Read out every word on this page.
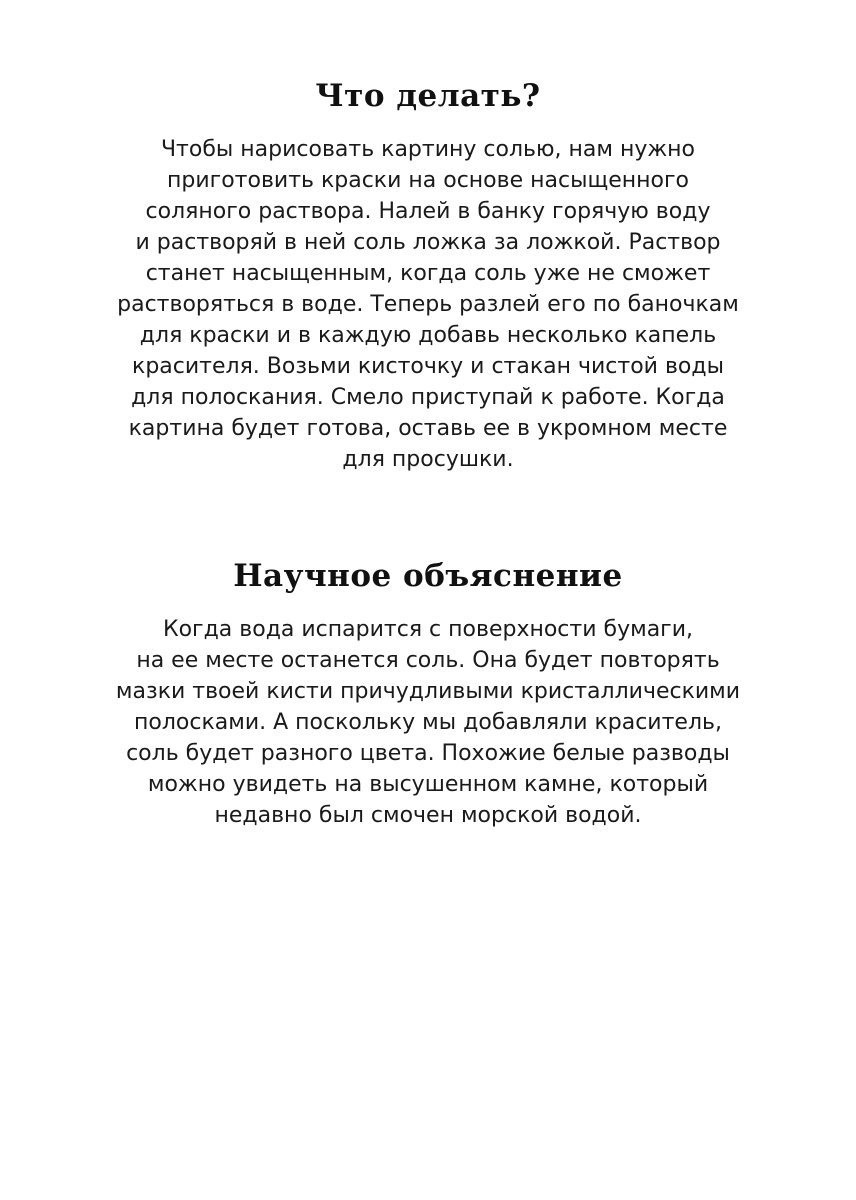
Что делать?

Чтобы нарисовать картину солью, нам нужно
приготовить краски на основе насыщенного
соляного раствора. Налей в банку горячую воду
и растворяй в ней соль ложка за ложкой. Раствор
станет насыщенным, когда соль уже не сможет
растворяться в воде. Теперь разлей его по баночкам
для краски и в каждую добавь несколько капель
красителя. Возьми кисточку и стакан чистой воды
для полоскания. Смело приступай к работе. Когда
картина будет готова, оставь ее в укромном месте
для просушки.

Научное объяснение

Когда вода испарится с поверхности бумаги,
на ее месте останется соль. Она будет повторять
мазки твоей кисти причудливыми кристаллическими
полосками. А поскольку мы добавляли краситель,
соль будет разного цвета. Похожие белые разводы
можно увидеть на высушенном камне, который
недавно был смочен морской водой.
